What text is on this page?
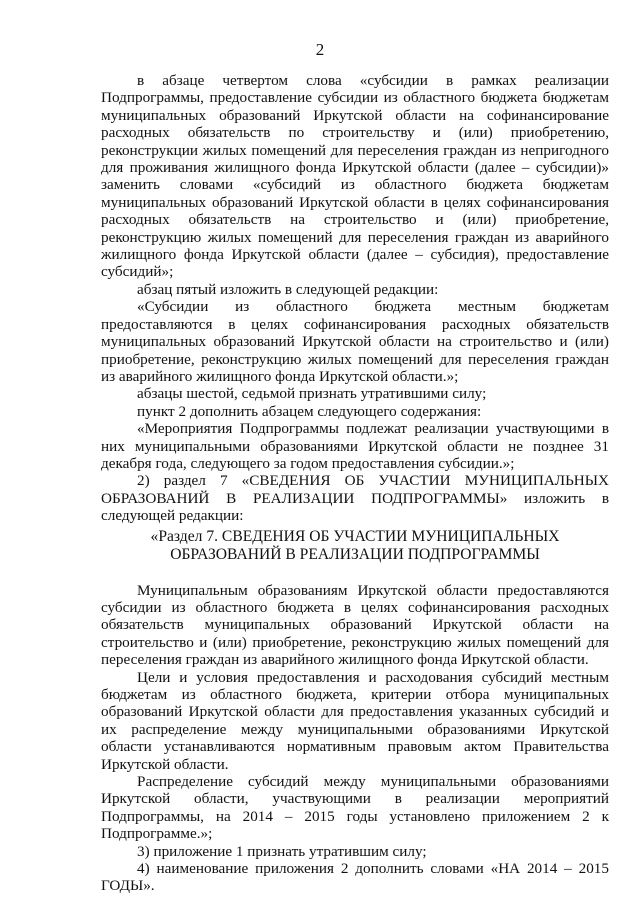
2

в абзаце четвертом слова «субсидии в рамках реализации Подпрограммы, предоставление субсидии из областного бюджета бюджетам муниципальных образований Иркутской области на софинансирование расходных обязательств по строительству и (или) приобретению, реконструкции жилых помещений для переселения граждан из непригодного для проживания жилищного фонда Иркутской области (далее – субсидии)» заменить словами «субсидий из областного бюджета бюджетам муниципальных образований Иркутской области в целях софинансирования расходных обязательств на строительство и (или) приобретение, реконструкцию жилых помещений для переселения граждан из аварийного жилищного фонда Иркутской области (далее – субсидия), предоставление субсидий»;

абзац пятый изложить в следующей редакции:

«Субсидии из областного бюджета местным бюджетам предоставляются в целях софинансирования расходных обязательств муниципальных образований Иркутской области на строительство и (или) приобретение, реконструкцию жилых помещений для переселения граждан из аварийного жилищного фонда Иркутской области.»;

абзацы шестой, седьмой признать утратившими силу;

пункт 2 дополнить абзацем следующего содержания:

«Мероприятия Подпрограммы подлежат реализации участвующими в них муниципальными образованиями Иркутской области не позднее 31 декабря года, следующего за годом предоставления субсидии.»;

2) раздел 7 «СВЕДЕНИЯ ОБ УЧАСТИИ МУНИЦИПАЛЬНЫХ ОБРАЗОВАНИЙ В РЕАЛИЗАЦИИ ПОДПРОГРАММЫ» изложить в следующей редакции:

«Раздел 7. СВЕДЕНИЯ ОБ УЧАСТИИ МУНИЦИПАЛЬНЫХ
ОБРАЗОВАНИЙ В РЕАЛИЗАЦИИ ПОДПРОГРАММЫ

Муниципальным образованиям Иркутской области предоставляются субсидии из областного бюджета в целях софинансирования расходных обязательств муниципальных образований Иркутской области на строительство и (или) приобретение, реконструкцию жилых помещений для переселения граждан из аварийного жилищного фонда Иркутской области.

Цели и условия предоставления и расходования субсидий местным бюджетам из областного бюджета, критерии отбора муниципальных образований Иркутской области для предоставления указанных субсидий и их распределение между муниципальными образованиями Иркутской области устанавливаются нормативным правовым актом Правительства Иркутской области.

Распределение субсидий между муниципальными образованиями Иркутской области, участвующими в реализации мероприятий Подпрограммы, на 2014 – 2015 годы установлено приложением 2 к Подпрограмме.»;

3) приложение 1 признать утратившим силу;

4) наименование приложения 2 дополнить словами «НА 2014 – 2015 ГОДЫ».
